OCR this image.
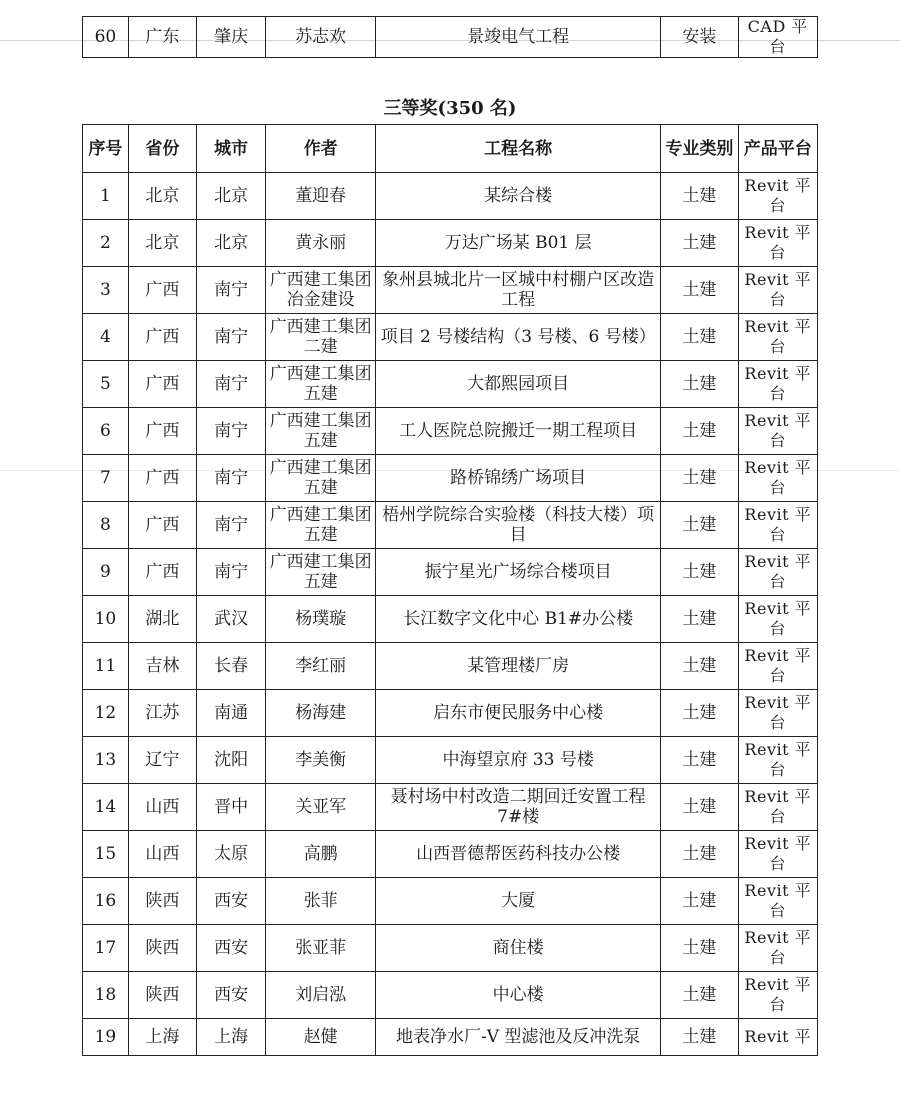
60	广东	肇庆	苏志欢	景竣电气工程	安装	CAD 平台
三等奖(350 名)
序号	省份	城市	作者	工程名称	专业类别	产品平台
1	北京	北京	董迎春	某综合楼	土建	Revit 平台
2	北京	北京	黄永丽	万达广场某 B01 层	土建	Revit 平台
3	广西	南宁	广西建工集团冶金建设	象州县城北片一区城中村棚户区改造工程	土建	Revit 平台
4	广西	南宁	广西建工集团二建	项目 2 号楼结构（3 号楼、6 号楼）	土建	Revit 平台
5	广西	南宁	广西建工集团五建	大都熙园项目	土建	Revit 平台
6	广西	南宁	广西建工集团五建	工人医院总院搬迁一期工程项目	土建	Revit 平台
7	广西	南宁	广西建工集团五建	路桥锦绣广场项目	土建	Revit 平台
8	广西	南宁	广西建工集团五建	梧州学院综合实验楼（科技大楼）项目	土建	Revit 平台
9	广西	南宁	广西建工集团五建	振宁星光广场综合楼项目	土建	Revit 平台
10	湖北	武汉	杨璞璇	长江数字文化中心 B1#办公楼	土建	Revit 平台
11	吉林	长春	李红丽	某管理楼厂房	土建	Revit 平台
12	江苏	南通	杨海建	启东市便民服务中心楼	土建	Revit 平台
13	辽宁	沈阳	李美衡	中海望京府 33 号楼	土建	Revit 平台
14	山西	晋中	关亚军	聂村场中村改造二期回迁安置工程 7#楼	土建	Revit 平台
15	山西	太原	高鹏	山西晋德帮医药科技办公楼	土建	Revit 平台
16	陕西	西安	张菲	大厦	土建	Revit 平台
17	陕西	西安	张亚菲	商住楼	土建	Revit 平台
18	陕西	西安	刘启泓	中心楼	土建	Revit 平台
19	上海	上海	赵健	地表净水厂-V 型滤池及反冲洗泵	土建	Revit 平
